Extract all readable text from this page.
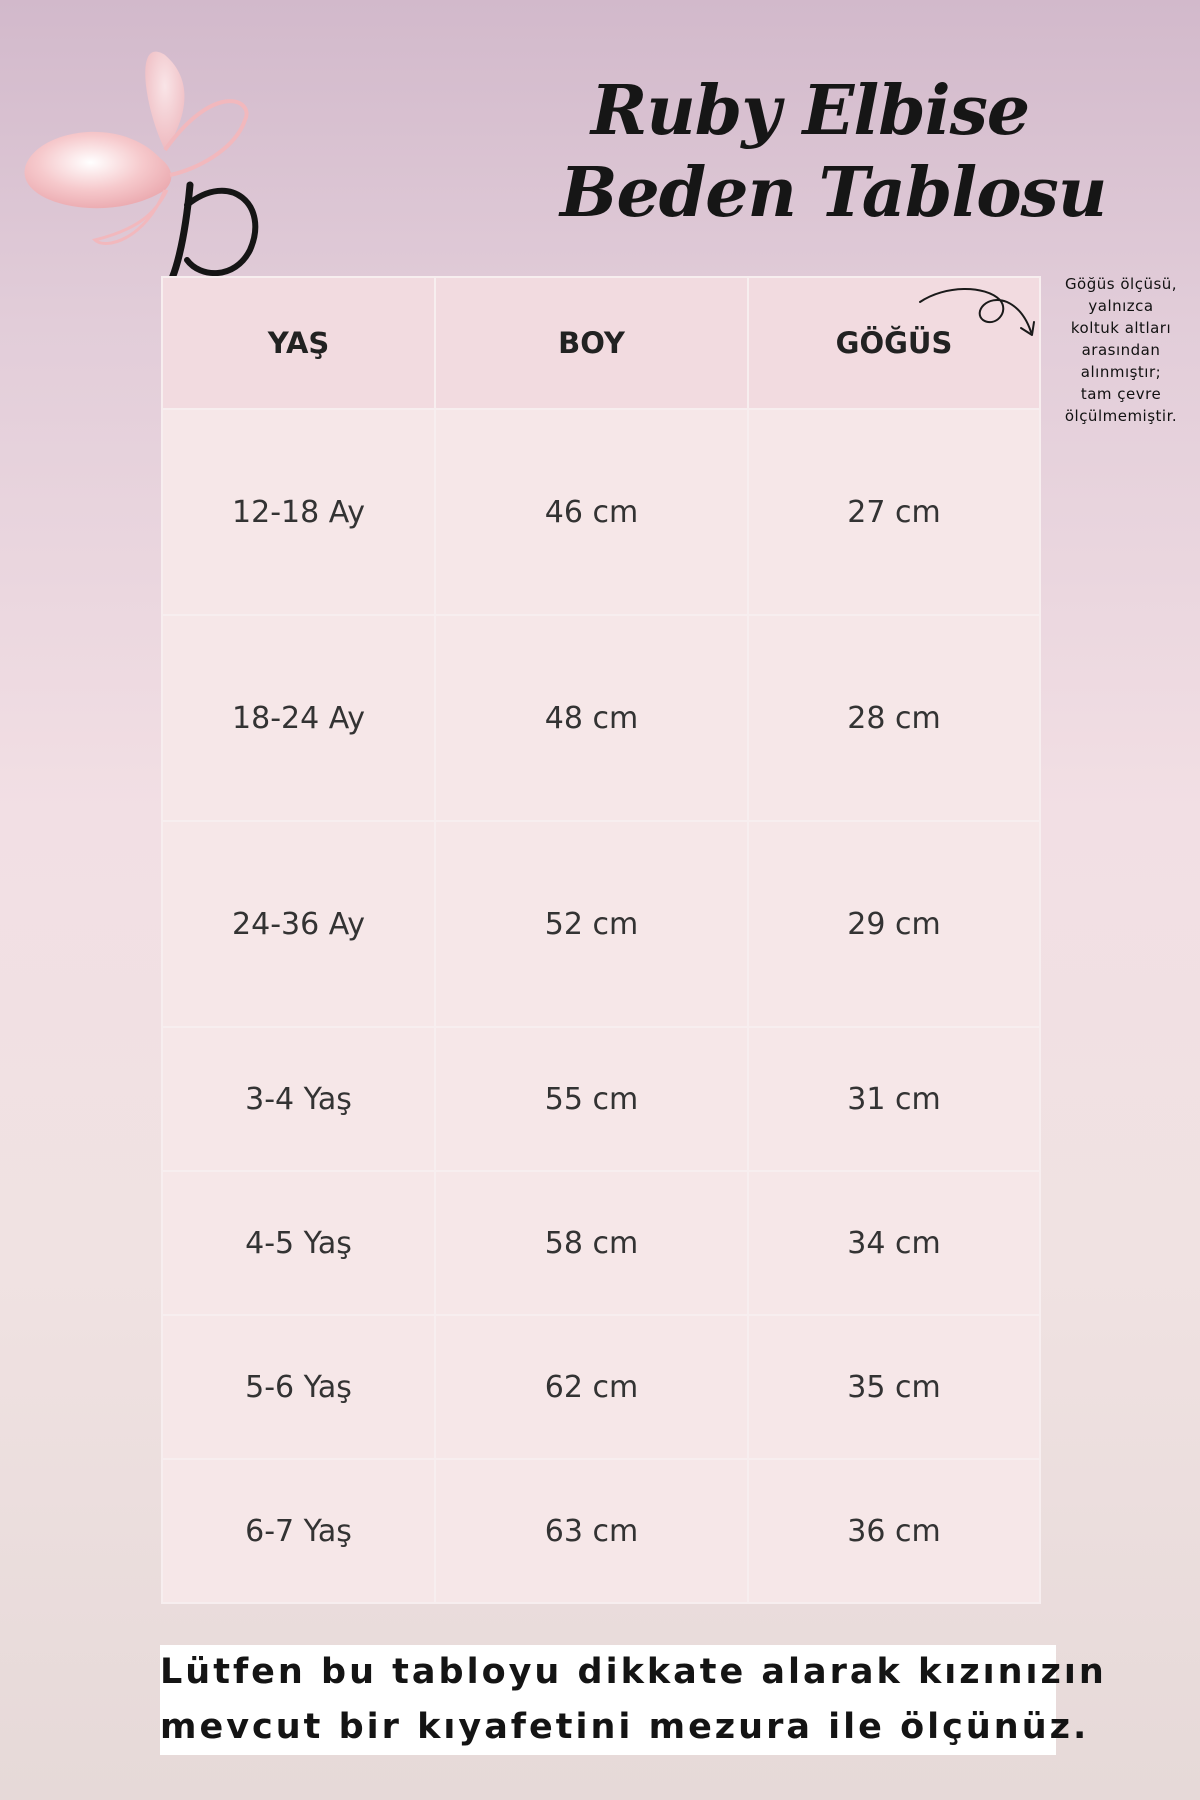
Ruby Elbise
Beden Tablosu
YAŞ	BOY	GÖĞÜS
12-18 Ay	46 cm	27 cm
18-24 Ay	48 cm	28 cm
24-36 Ay	52 cm	29 cm
3-4 Yaş	55 cm	31 cm
4-5 Yaş	58 cm	34 cm
5-6 Yaş	62 cm	35 cm
6-7 Yaş	63 cm	36 cm
Göğüs ölçüsü,
yalnızca
koltuk altları
arasından
alınmıştır;
tam çevre
ölçülmemiştir.
Lütfen bu tabloyu dikkate alarak kızınızın
mevcut bir kıyafetini mezura ile ölçünüz.
